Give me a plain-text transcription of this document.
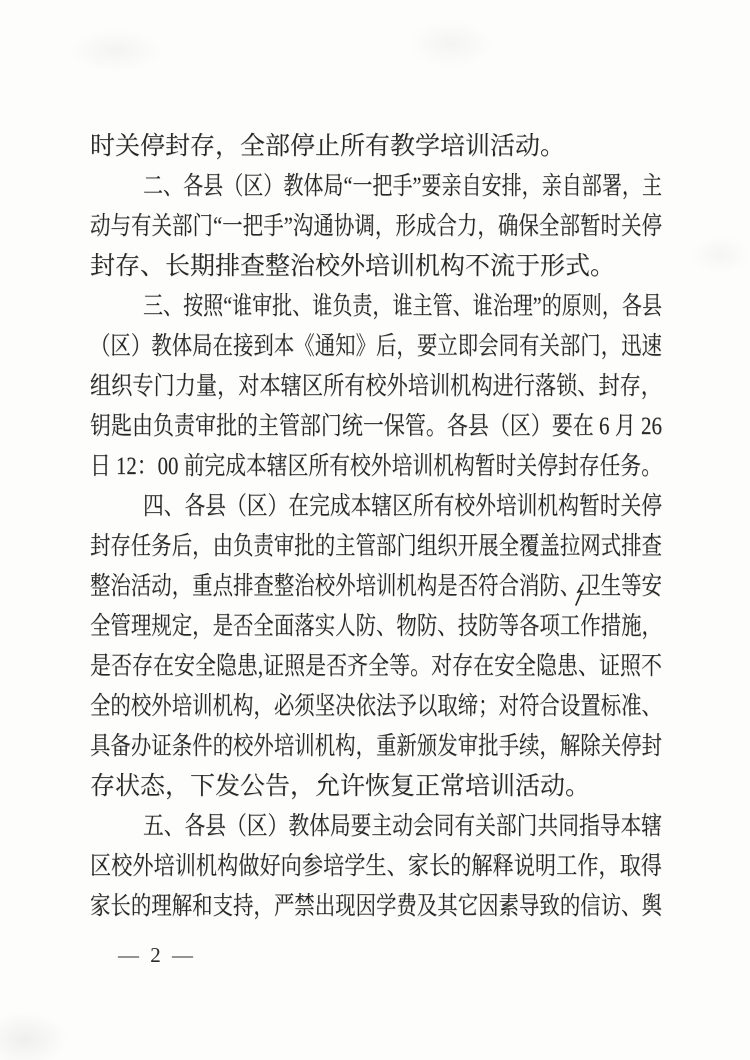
时关停封存，全部停止所有教学培训活动。
二、各县（区）教体局“一把手”要亲自安排，亲自部署，主
动与有关部门“一把手”沟通协调，形成合力，确保全部暂时关停
封存、长期排查整治校外培训机构不流于形式。
三、按照“谁审批、谁负责，谁主管、谁治理”的原则，各县
（区）教体局在接到本《通知》后，要立即会同有关部门，迅速
组织专门力量，对本辖区所有校外培训机构进行落锁、封存，
钥匙由负责审批的主管部门统一保管。各县（区）要在 6 月 26
日 12：00 前完成本辖区所有校外培训机构暂时关停封存任务。
四、各县（区）在完成本辖区所有校外培训机构暂时关停
封存任务后，由负责审批的主管部门组织开展全覆盖拉网式排查
整治活动，重点排查整治校外培训机构是否符合消防、卫生等安
全管理规定，是否全面落实人防、物防、技防等各项工作措施，
是否存在安全隐患,证照是否齐全等。对存在安全隐患、证照不
全的校外培训机构，必须坚决依法予以取缔；对符合设置标准、
具备办证条件的校外培训机构，重新颁发审批手续，解除关停封
存状态，下发公告，允许恢复正常培训活动。
五、各县（区）教体局要主动会同有关部门共同指导本辖
区校外培训机构做好向参培学生、家长的解释说明工作，取得
家长的理解和支持，严禁出现因学费及其它因素导致的信访、舆
— 2 —
